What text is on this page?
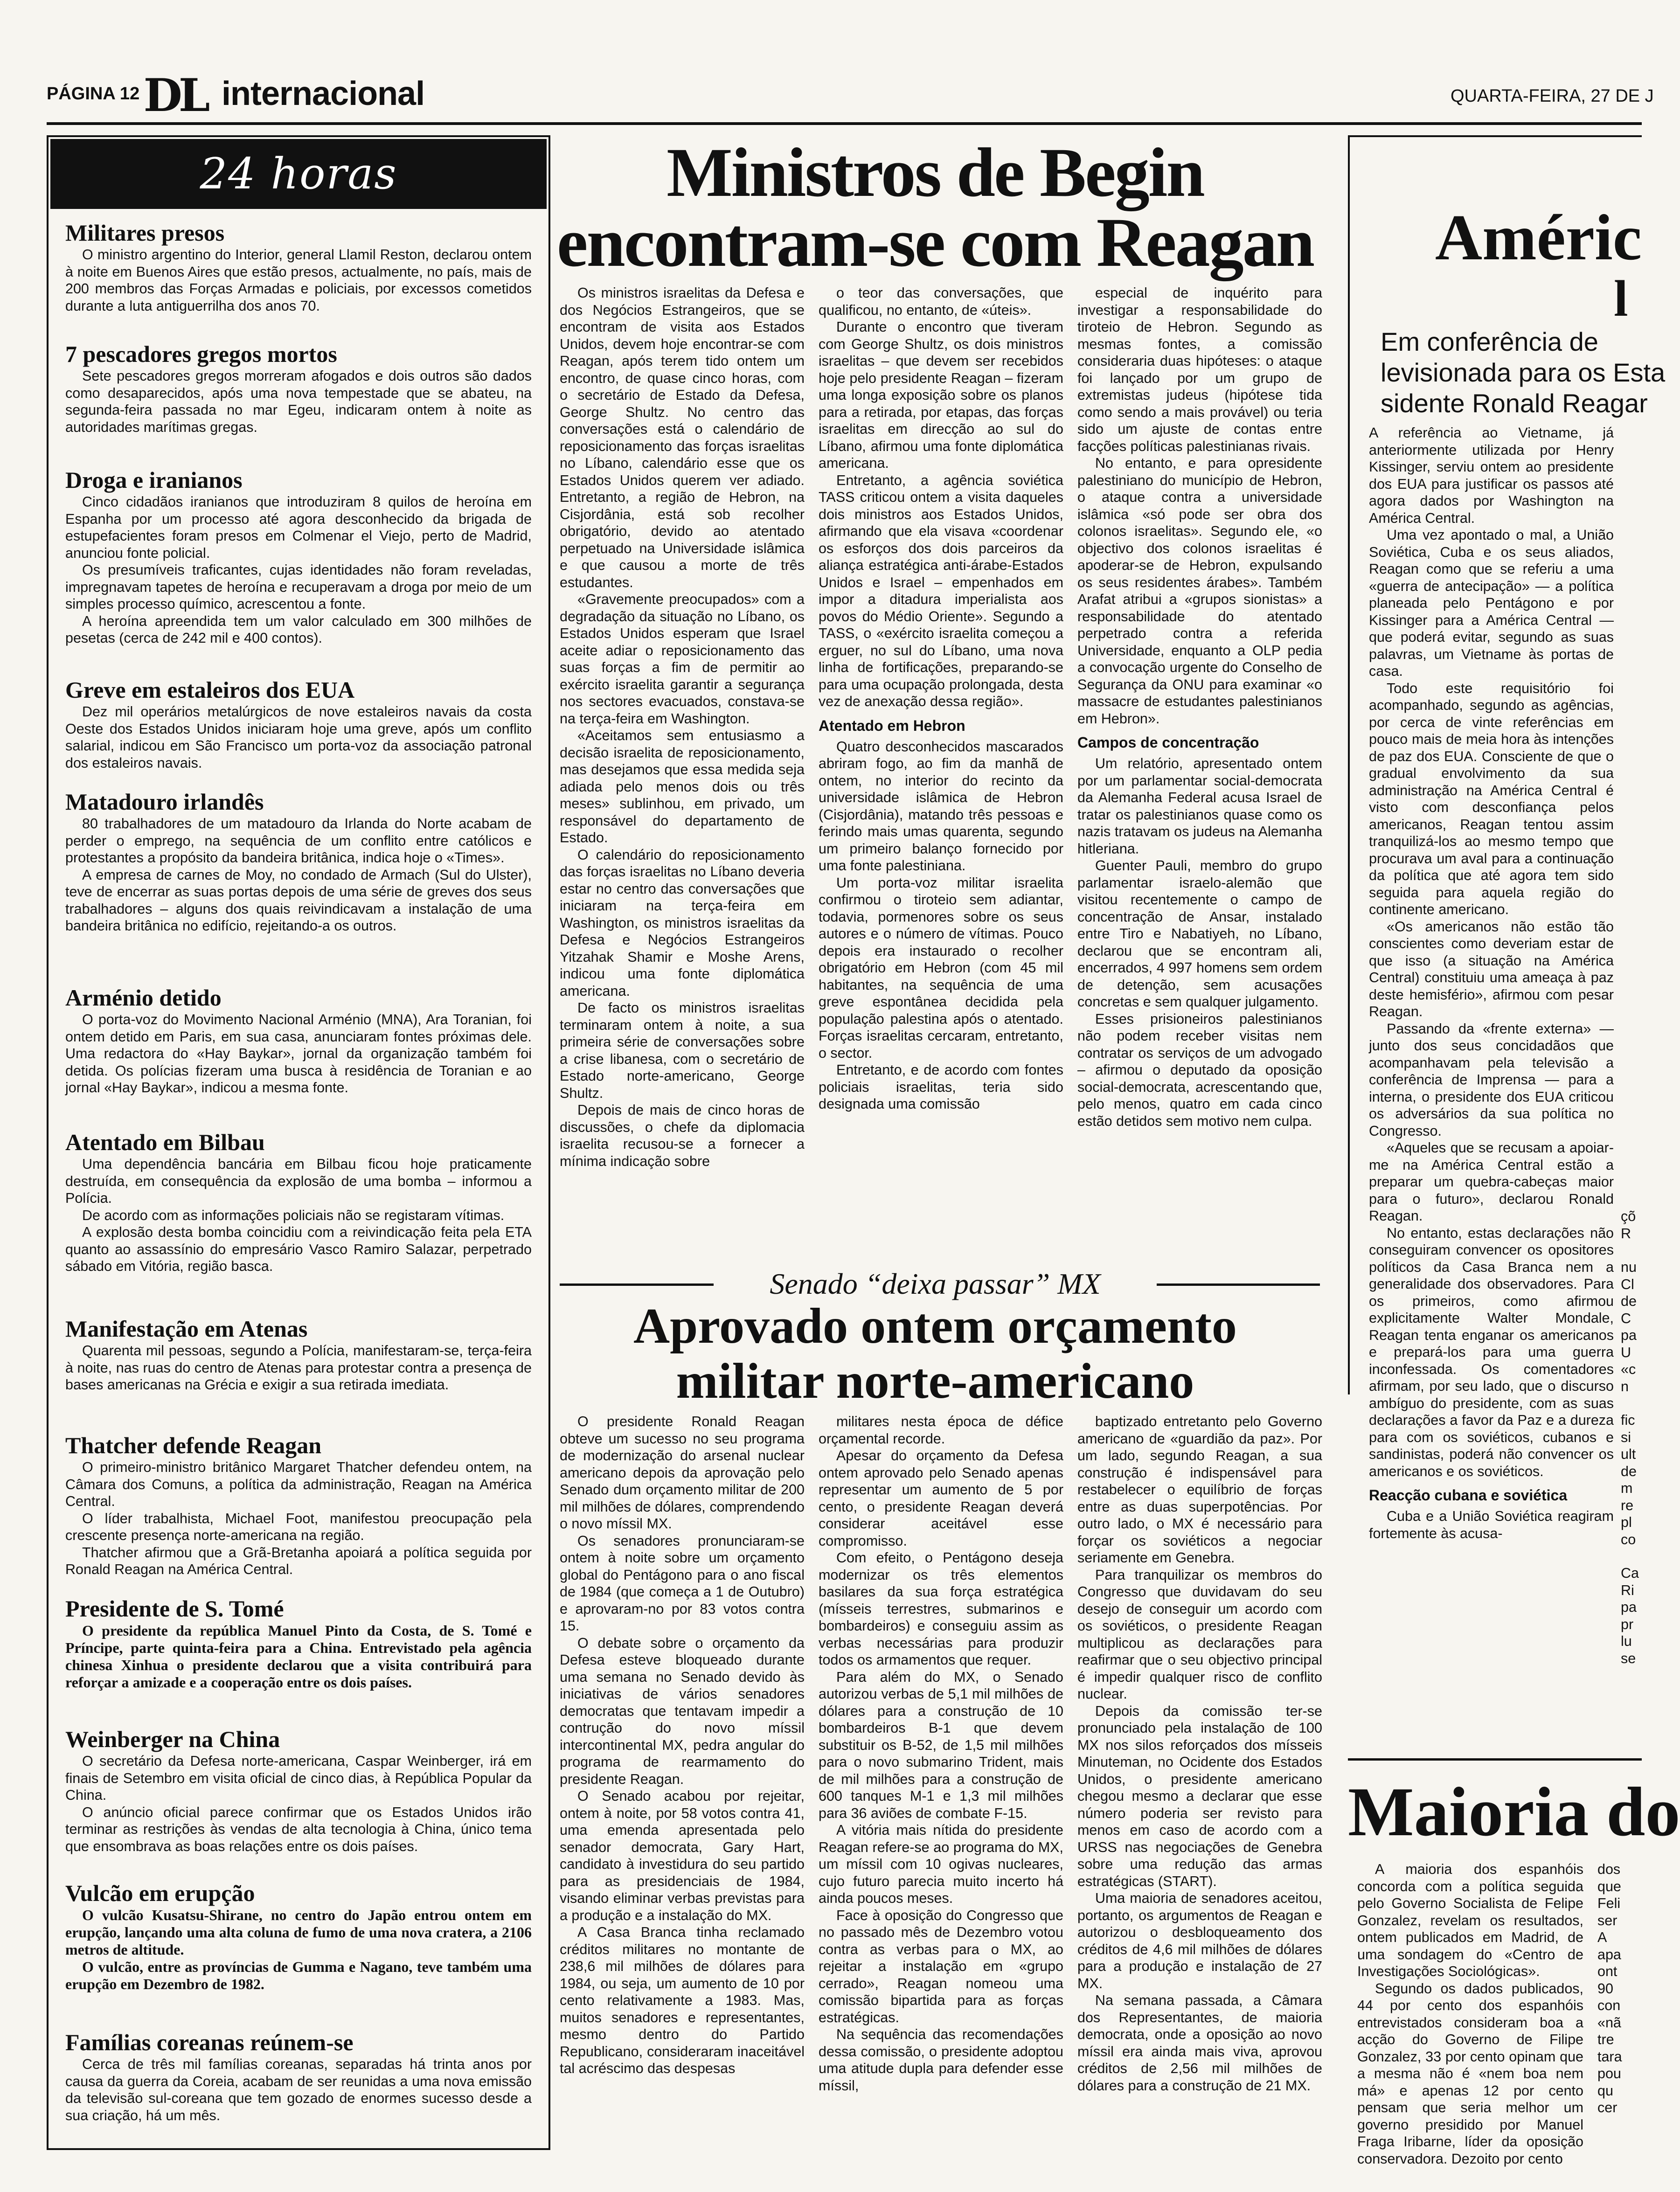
PÁGINA 12 DL internacional	QUARTA-FEIRA, 27 DE J
24 horas
Militares presos

O ministro argentino do Interior, general Llamil Reston, declarou ontem à noite em Buenos Aires que estão presos, actualmente, no país, mais de 200 membros das Forças Armadas e policiais, por excessos cometidos durante a luta antiguerrilha dos anos 70.

7 pescadores gregos mortos

Sete pescadores gregos morreram afogados e dois outros são dados como desaparecidos, após uma nova tempestade que se abateu, na segunda-feira passada no mar Egeu, indicaram ontem à noite as autoridades marítimas gregas.

Droga e iranianos

Cinco cidadãos iranianos que introduziram 8 quilos de heroína em Espanha por um processo até agora desconhecido da brigada de estupefacientes foram presos em Colmenar el Viejo, perto de Madrid, anunciou fonte policial.

Os presumíveis traficantes, cujas identidades não foram reveladas, impregnavam tapetes de heroína e recuperavam a droga por meio de um simples processo químico, acrescentou a fonte.

A heroína apreendida tem um valor calculado em 300 milhões de pesetas (cerca de 242 mil e 400 contos).

Greve em estaleiros dos EUA

Dez mil operários metalúrgicos de nove estaleiros navais da costa Oeste dos Estados Unidos iniciaram hoje uma greve, após um conflito salarial, indicou em São Francisco um porta-voz da associação patronal dos estaleiros navais.

Matadouro irlandês

80 trabalhadores de um matadouro da Irlanda do Norte acabam de perder o emprego, na sequência de um conflito entre católicos e protestantes a propósito da bandeira britânica, indica hoje o «Times».

A empresa de carnes de Moy, no condado de Armach (Sul do Ulster), teve de encerrar as suas portas depois de uma série de greves dos seus trabalhadores – alguns dos quais reivindicavam a instalação de uma bandeira britânica no edifício, rejeitando-a os outros.

Arménio detido

O porta-voz do Movimento Nacional Arménio (MNA), Ara Toranian, foi ontem detido em Paris, em sua casa, anunciaram fontes próximas dele. Uma redactora do «Hay Baykar», jornal da organização também foi detida. Os polícias fizeram uma busca à residência de Toranian e ao jornal «Hay Baykar», indicou a mesma fonte.

Atentado em Bilbau

Uma dependência bancária em Bilbau ficou hoje praticamente destruída, em consequência da explosão de uma bomba – informou a Polícia.

De acordo com as informações policiais não se registaram vítimas.

A explosão desta bomba coincidiu com a reivindicação feita pela ETA quanto ao assassínio do empresário Vasco Ramiro Salazar, perpetrado sábado em Vitória, região basca.

Manifestação em Atenas

Quarenta mil pessoas, segundo a Polícia, manifestaram-se, terça-feira à noite, nas ruas do centro de Atenas para protestar contra a presença de bases americanas na Grécia e exigir a sua retirada imediata.

Thatcher defende Reagan

O primeiro-ministro britânico Margaret Thatcher defendeu ontem, na Câmara dos Comuns, a política da administração, Reagan na América Central.

O líder trabalhista, Michael Foot, manifestou preocupação pela crescente presença norte-americana na região.

Thatcher afirmou que a Grã-Bretanha apoiará a política seguida por Ronald Reagan na América Central.

Presidente de S. Tomé

O presidente da república Manuel Pinto da Costa, de S. Tomé e Príncipe, parte quinta-feira para a China. Entrevistado pela agência chinesa Xinhua o presidente declarou que a visita contribuirá para reforçar a amizade e a cooperação entre os dois países.

Weinberger na China

O secretário da Defesa norte-americana, Caspar Weinberger, irá em finais de Setembro em visita oficial de cinco dias, à República Popular da China.

O anúncio oficial parece confirmar que os Estados Unidos irão terminar as restrições às vendas de alta tecnologia à China, único tema que ensombrava as boas relações entre os dois países.

Vulcão em erupção

O vulcão Kusatsu-Shirane, no centro do Japão entrou ontem em erupção, lançando uma alta coluna de fumo de uma nova cratera, a 2106 metros de altitude.

O vulcão, entre as províncias de Gumma e Nagano, teve também uma erupção em Dezembro de 1982.

Famílias coreanas reúnem-se

Cerca de três mil famílias coreanas, separadas há trinta anos por causa da guerra da Coreia, acabam de ser reunidas a uma nova emissão da televisão sul-coreana que tem gozado de enormes sucesso desde a sua criação, há um mês.

Ministros de Begin
encontram-se com Reagan

Os ministros israelitas da Defesa e dos Negócios Estrangeiros, que se encontram de visita aos Estados Unidos, devem hoje encontrar-se com Reagan, após terem tido ontem um encontro, de quase cinco horas, com o secretário de Estado da Defesa, George Shultz. No centro das conversações está o calendário de reposicionamento das forças israelitas no Líbano, calendário esse que os Estados Unidos querem ver adiado. Entretanto, a região de Hebron, na Cisjordânia, está sob recolher obrigatório, devido ao atentado perpetuado na Universidade islâmica e que causou a morte de três estudantes.

«Gravemente preocupados» com a degradação da situação no Líbano, os Estados Unidos esperam que Israel aceite adiar o reposicionamento das suas forças a fim de permitir ao exército israelita garantir a segurança nos sectores evacuados, constava-se na terça-feira em Washington.

«Aceitamos sem entusiasmo a decisão israelita de reposicionamento, mas desejamos que essa medida seja adiada pelo menos dois ou três meses» sublinhou, em privado, um responsável do departamento de Estado.

O calendário do reposicionamento das forças israelitas no Líbano deveria estar no centro das conversações que iniciaram na terça-feira em Washington, os ministros israelitas da Defesa e Negócios Estrangeiros Yitzahak Shamir e Moshe Arens, indicou uma fonte diplomática americana.

De facto os ministros israelitas terminaram ontem à noite, a sua primeira série de conversações sobre a crise libanesa, com o secretário de Estado norte-americano, George Shultz.

Depois de mais de cinco horas de discussões, o chefe da diplomacia israelita recusou-se a fornecer a mínima indicação sobre

o teor das conversações, que qualificou, no entanto, de «úteis».

Durante o encontro que tiveram com George Shultz, os dois ministros israelitas – que devem ser recebidos hoje pelo presidente Reagan – fizeram uma longa exposição sobre os planos para a retirada, por etapas, das forças israelitas em direcção ao sul do Líbano, afirmou uma fonte diplomática americana.

Entretanto, a agência soviética TASS criticou ontem a visita daqueles dois ministros aos Estados Unidos, afirmando que ela visava «coordenar os esforços dos dois parceiros da aliança estratégica anti-árabe-Estados Unidos e Israel – empenhados em impor a ditadura imperialista aos povos do Médio Oriente». Segundo a TASS, o «exército israelita começou a erguer, no sul do Líbano, uma nova linha de fortificações, preparando-se para uma ocupação prolongada, desta vez de anexação dessa região».

Atentado em Hebron

Quatro desconhecidos mascarados abriram fogo, ao fim da manhã de ontem, no interior do recinto da universidade islâmica de Hebron (Cisjordânia), matando três pessoas e ferindo mais umas quarenta, segundo um primeiro balanço fornecido por uma fonte palestiniana.

Um porta-voz militar israelita confirmou o tiroteio sem adiantar, todavia, pormenores sobre os seus autores e o número de vítimas. Pouco depois era instaurado o recolher obrigatório em Hebron (com 45 mil habitantes, na sequência de uma greve espontânea decidida pela população palestina após o atentado. Forças israelitas cercaram, entretanto, o sector.

Entretanto, e de acordo com fontes policiais israelitas, teria sido designada uma comissão

especial de inquérito para investigar a responsabilidade do tiroteio de Hebron. Segundo as mesmas fontes, a comissão consideraria duas hipóteses: o ataque foi lançado por um grupo de extremistas judeus (hipótese tida como sendo a mais provável) ou teria sido um ajuste de contas entre facções políticas palestinianas rivais.

No entanto, e para opresidente palestiniano do município de Hebron, o ataque contra a universidade islâmica «só pode ser obra dos colonos israelitas». Segundo ele, «o objectivo dos colonos israelitas é apoderar-se de Hebron, expulsando os seus residentes árabes». Também Arafat atribui a «grupos sionistas» a responsabilidade do atentado perpetrado contra a referida Universidade, enquanto a OLP pedia a convocação urgente do Conselho de Segurança da ONU para examinar «o massacre de estudantes palestinianos em Hebron».

Campos de concentração

Um relatório, apresentado ontem por um parlamentar social-democrata da Alemanha Federal acusa Israel de tratar os palestinianos quase como os nazis tratavam os judeus na Alemanha hitleriana.

Guenter Pauli, membro do grupo parlamentar israelo-alemão que visitou recentemente o campo de concentração de Ansar, instalado entre Tiro e Nabatiyeh, no Líbano, declarou que se encontram ali, encerrados, 4 997 homens sem ordem de detenção, sem acusações concretas e sem qualquer julgamento.

Esses prisioneiros palestinianos não podem receber visitas nem contratar os serviços de um advogado – afirmou o deputado da oposição social-democrata, acrescentando que, pelo menos, quatro em cada cinco estão detidos sem motivo nem culpa.

Senado “deixa passar” MX
Aprovado ontem orçamento
militar norte-americano

O presidente Ronald Reagan obteve um sucesso no seu programa de modernização do arsenal nuclear americano depois da aprovação pelo Senado dum orçamento militar de 200 mil milhões de dólares, comprendendo o novo míssil MX.

Os senadores pronunciaram-se ontem à noite sobre um orçamento global do Pentágono para o ano fiscal de 1984 (que começa a 1 de Outubro) e aprovaram-no por 83 votos contra 15.

O debate sobre o orçamento da Defesa esteve bloqueado durante uma semana no Senado devido às iniciativas de vários senadores democratas que tentavam impedir a contrução do novo míssil intercontinental MX, pedra angular do programa de rearmamento do presidente Reagan.

O Senado acabou por rejeitar, ontem à noite, por 58 votos contra 41, uma emenda apresentada pelo senador democrata, Gary Hart, candidato à investidura do seu partido para as presidenciais de 1984, visando eliminar verbas previstas para a produção e a instalação do MX.

A Casa Branca tinha reclamado créditos militares no montante de 238,6 mil milhões de dólares para 1984, ou seja, um aumento de 10 por cento relativamente a 1983. Mas, muitos senadores e representantes, mesmo dentro do Partido Republicano, consideraram inaceitável tal acréscimo das despesas

militares nesta época de défice orçamental recorde.

Apesar do orçamento da Defesa ontem aprovado pelo Senado apenas representar um aumento de 5 por cento, o presidente Reagan deverá considerar aceitável esse compromisso.

Com efeito, o Pentágono deseja modernizar os três elementos basilares da sua força estratégica (mísseis terrestres, submarinos e bombardeiros) e conseguiu assim as verbas necessárias para produzir todos os armamentos que requer.

Para além do MX, o Senado autorizou verbas de 5,1 mil milhões de dólares para a construção de 10 bombardeiros B-1 que devem substituir os B-52, de 1,5 mil milhões para o novo submarino Trident, mais de mil milhões para a construção de 600 tanques M-1 e 1,3 mil milhões para 36 aviões de combate F-15.

A vitória mais nítida do presidente Reagan refere-se ao programa do MX, um míssil com 10 ogivas nucleares, cujo futuro parecia muito incerto há ainda poucos meses.

Face à oposição do Congresso que no passado mês de Dezembro votou contra as verbas para o MX, ao rejeitar a instalação em «grupo cerrado», Reagan nomeou uma comissão bipartida para as forças estratégicas.

Na sequência das recomendações dessa comissão, o presidente adoptou uma atitude dupla para defender esse míssil,

baptizado entretanto pelo Governo americano de «guardião da paz». Por um lado, segundo Reagan, a sua construção é indispensável para restabelecer o equilíbrio de forças entre as duas superpotências. Por outro lado, o MX é necessário para forçar os soviéticos a negociar seriamente em Genebra.

Para tranquilizar os membros do Congresso que duvidavam do seu desejo de conseguir um acordo com os soviéticos, o presidente Reagan multiplicou as declarações para reafirmar que o seu objectivo principal é impedir qualquer risco de conflito nuclear.

Depois da comissão ter-se pronunciado pela instalação de 100 MX nos silos reforçados dos mísseis Minuteman, no Ocidente dos Estados Unidos, o presidente americano chegou mesmo a declarar que esse número poderia ser revisto para menos em caso de acordo com a URSS nas negociações de Genebra sobre uma redução das armas estratégicas (START).

Uma maioria de senadores aceitou, portanto, os argumentos de Reagan e autorizou o desbloqueamento dos créditos de 4,6 mil milhões de dólares para a produção e instalação de 27 MX.

Na semana passada, a Câmara dos Representantes, de maioria democrata, onde a oposição ao novo míssil era ainda mais viva, aprovou créditos de 2,56 mil milhões de dólares para a construção de 21 MX.

Améric
l
Em conferência de
levisionada para os Esta
sidente Ronald Reagar

A referência ao Vietname, já anteriormente utilizada por Henry Kissinger, serviu ontem ao presidente dos EUA para justificar os passos até agora dados por Washington na América Central.

Uma vez apontado o mal, a União Soviética, Cuba e os seus aliados, Reagan como que se referiu a uma «guerra de antecipação» — a política planeada pelo Pentágono e por Kissinger para a América Central — que poderá evitar, segundo as suas palavras, um Vietname às portas de casa.

Todo este requisitório foi acompanhado, segundo as agências, por cerca de vinte referências em pouco mais de meia hora às intenções de paz dos EUA. Consciente de que o gradual envolvimento da sua administração na América Central é visto com desconfiança pelos americanos, Reagan tentou assim tranquilizá-los ao mesmo tempo que procurava um aval para a continuação da política que até agora tem sido seguida para aquela região do continente americano.

«Os americanos não estão tão conscientes como deveriam estar de que isso (a situação na América Central) constituiu uma ameaça à paz deste hemisfério», afirmou com pesar Reagan.

Passando da «frente externa» — junto dos seus concidadãos que acompanhavam pela televisão a conferência de Imprensa — para a interna, o presidente dos EUA criticou os adversários da sua política no Congresso.

«Aqueles que se recusam a apoiar-me na América Central estão a preparar um quebra-cabeças maior para o futuro», declarou Ronald Reagan.

No entanto, estas declarações não conseguiram convencer os opositores políticos da Casa Branca nem a generalidade dos observadores. Para os primeiros, como afirmou explicitamente Walter Mondale, Reagan tenta enganar os americanos e prepará-los para uma guerra inconfessada. Os comentadores afirmam, por seu lado, que o discurso ambíguo do presidente, com as suas declarações a favor da Paz e a dureza para com os soviéticos, cubanos e sandinistas, poderá não convencer os americanos e os soviéticos.

Reacção cubana e soviética

Cuba e a União Soviética reagiram fortemente às acusa-

çõ
R
nu
Cl
de
C
pa
U
«c
n
fic
si
ult
de
m
re
pl
co
Ca
Ri
pa
pr
lu
se
Maioria do

A maioria dos espanhóis concorda com a política seguida pelo Governo Socialista de Felipe Gonzalez, revelam os resultados, ontem publicados em Madrid, de uma sondagem do «Centro de Investigações Sociológicas».

Segundo os dados publicados, 44 por cento dos espanhóis entrevistados consideram boa a acção do Governo de Filipe Gonzalez, 33 por cento opinam que a mesma não é «nem boa nem má» e apenas 12 por cento pensam que seria melhor um governo presidido por Manuel Fraga Iribarne, líder da oposição conservadora. Dezoito por cento

dos
que
Feli
ser
A
apa
ont
90
con
«nã
tre
tara
pou
qu
cer
